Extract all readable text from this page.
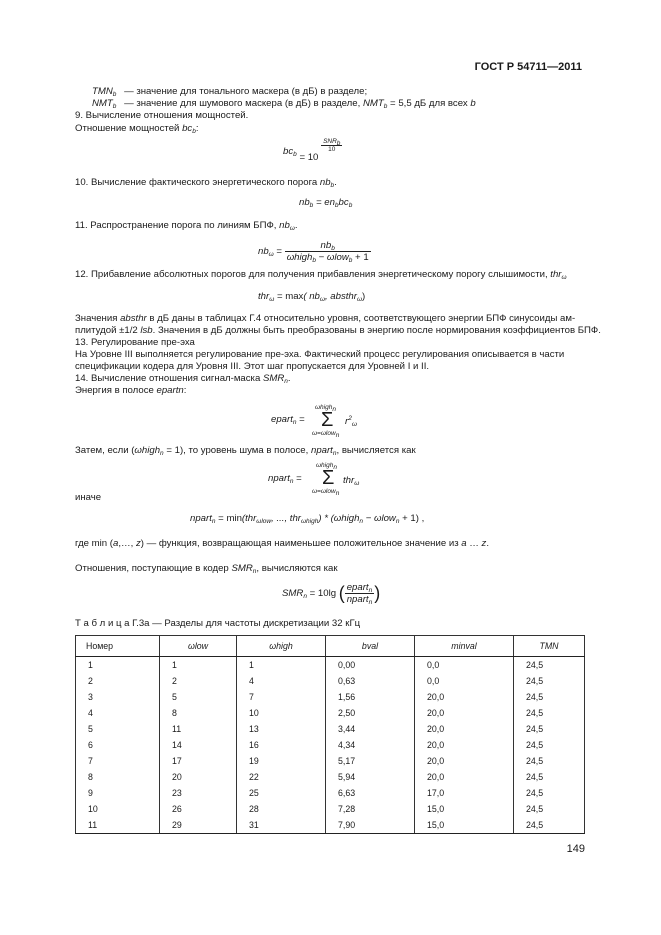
ГОСТ Р 54711—2011
$TMN_b$ — значение для тонального маскера (в дБ) в разделе;
$NMT_b$ — значение для шумового маскера (в дБ) в разделе, $NMT_b = 5,5$ дБ для всех b
9. Вычисление отношения мощностей.
Отношение мощностей $bc_b$:
$bc_b = 10$
$\frac{SNR_b}{10}$
10. Вычисление фактического энергетического порога $nb_b$.
$nb_b = en_bbc_b$
11. Распространение порога по линиям БПФ, $nb_\omega$.
$nb_\omega = \frac{nb_b}{\omega high_b - \omega low_b + 1}$
12. Прибавление абсолютных порогов для получения прибавления энергетическому порогу слышимости, thr$_\omega$
thr$_\omega$ = max( $nb_\omega$, absthr$_\omega$)
Значения absthr в дБ даны в таблицах Г.4 относительно уровня, соответствующего энергии БПФ синусоиды ам-
плитудой ±1/2 lsb. Значения в дБ должны быть преобразованы в энергию после нормирования коэффициентов БПФ.
13. Регулирование пре-эха
На Уровне III выполняется регулирование пре-эха. Фактический процесс регулирования описывается в части
спецификации кодера для Уровня III. Этот шаг пропускается для Уровней I и II.
14. Вычисление отношения сигнал-маска $SMR_n$.
Энергия в полосе epartn:
epart$_n$ =
ωhigh$_n$
Σ
ω=ωlow$_n$
$r^2_\omega$
Затем, если (ωhigh$_n$ = 1), то уровень шума в полосе, npart$_n$, вычисляется как
npart$_n$ =
ωhigh$_n$
Σ
ω=ωlow$_n$
thr$_\omega$
иначе
npart$_n$ = min(thr$_{\omega low}$, ..., thr$_{\omega high}$) * (ωhigh$_n$ − ωlow$_n$ + 1) ,
где min (a,…, z) — функция, возвращающая наименьшее положительное значение из a … z.
Отношения, поступающие в кодер $SMR_n$, вычисляются как
$SMR_n = 10\lg$ ( $\frac{epart_n}{npart_n}$ )
Т а б л и ц а Г.3а — Разделы для частоты дискретизации 32 кГц
Номер	ωlow	ωhigh	bval	minval	TMN
1	1	1	0,00	0,0	24,5
2	2	4	0,63	0,0	24,5
3	5	7	1,56	20,0	24,5
4	8	10	2,50	20,0	24,5
5	11	13	3,44	20,0	24,5
6	14	16	4,34	20,0	24,5
7	17	19	5,17	20,0	24,5
8	20	22	5,94	20,0	24,5
9	23	25	6,63	17,0	24,5
10	26	28	7,28	15,0	24,5
11	29	31	7,90	15,0	24,5
149
